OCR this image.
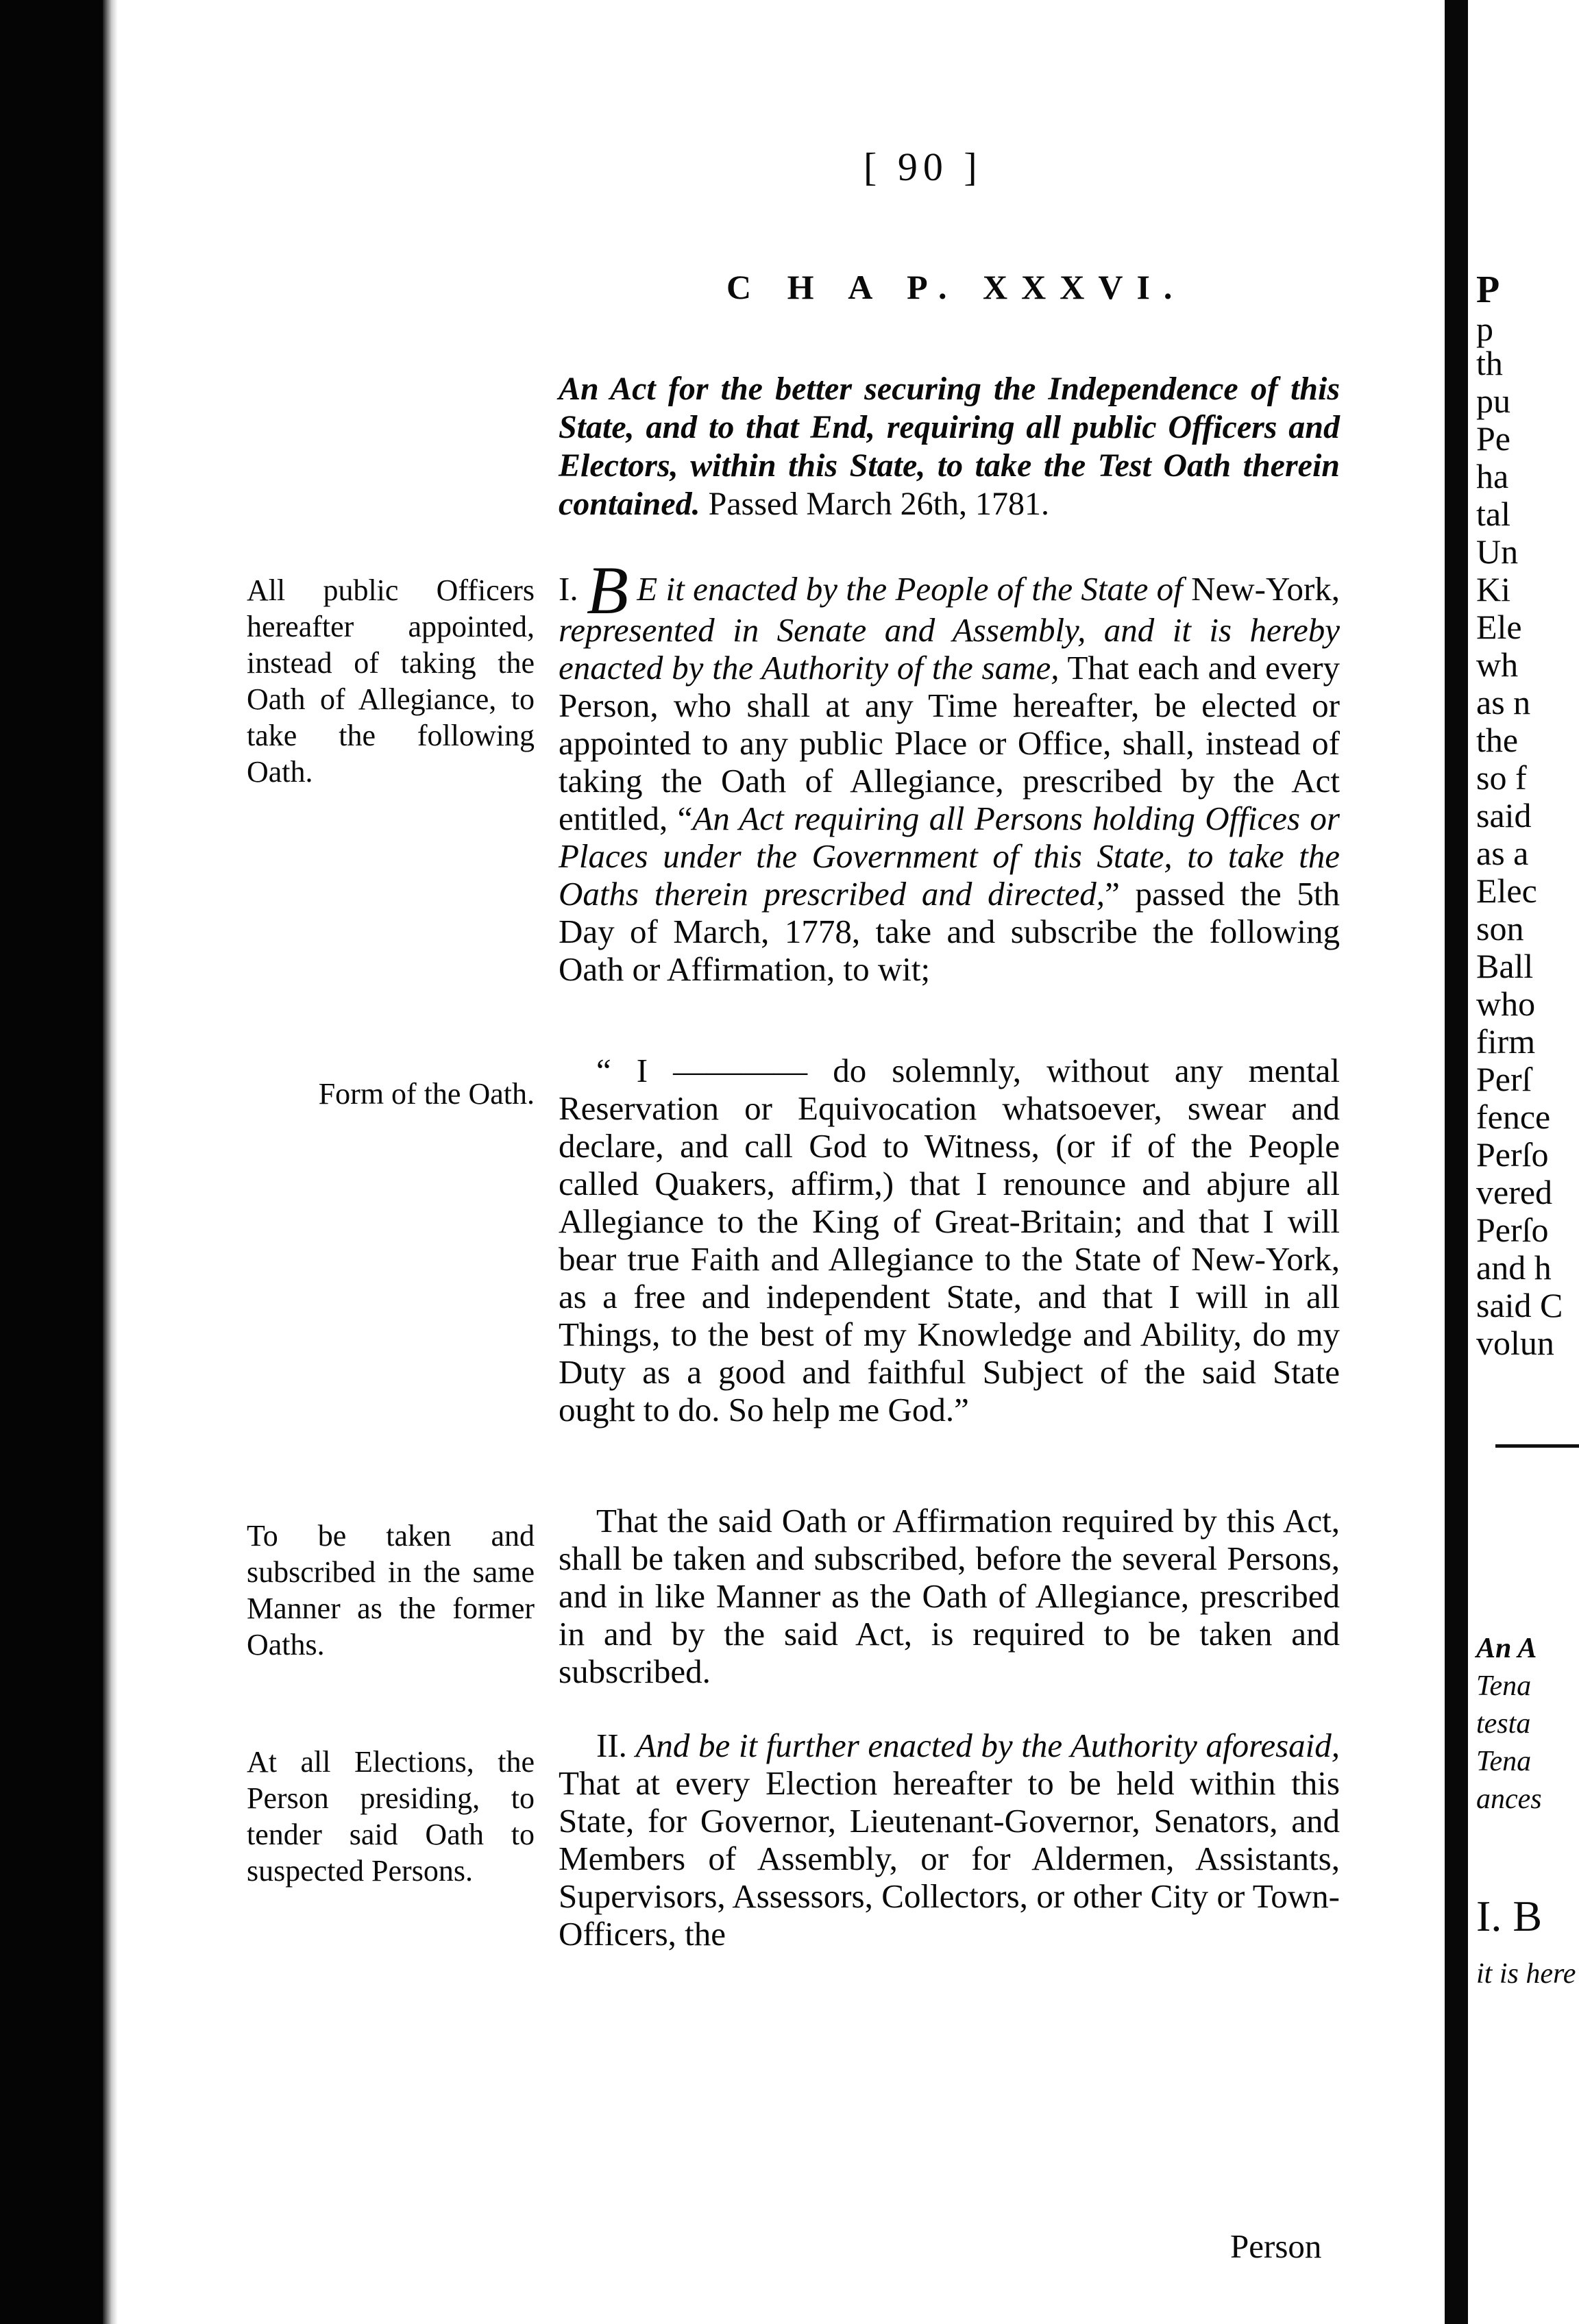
[ 90 ]
C H A P. XXXVI.
An Act for the better securing the Independence of this State, and to that End, requiring all public Officers and Electors, within this State, to take the Test Oath therein contained. Passed March 26th, 1781.
All public Officers hereafter appointed, instead of taking the Oath of Allegiance, to take the following Oath.
Form of the Oath.
To be taken and subscribed in the same Manner as the former Oaths.
At all Elections, the Person presiding, to tender said Oath to suspected Persons.
I. B E it enacted by the People of the State of New-York, represented in Senate and Assembly, and it is hereby enacted by the Authority of the same, That each and every Person, who shall at any Time hereafter, be elected or appointed to any public Place or Office, shall, instead of taking the Oath of Allegiance, prescribed by the Act entitled, “An Act requiring all Persons holding Offices or Places under the Government of this State, to take the Oaths therein prescribed and directed,” passed the 5th Day of March, 1778, take and subscribe the following Oath or Affirmation, to wit;
“ I ———— do solemnly, without any mental Reservation or Equivocation whatsoever, swear and declare, and call God to Witness, (or if of the People called Quakers, affirm,) that I renounce and abjure all Allegiance to the King of Great-Britain; and that I will bear true Faith and Allegiance to the State of New-York, as a free and independent State, and that I will in all Things, to the best of my Knowledge and Ability, do my Duty as a good and faithful Subject of the said State ought to do. So help me God.”
That the said Oath or Affirmation required by this Act, shall be taken and subscribed, before the several Persons, and in like Manner as the Oath of Allegiance, prescribed in and by the said Act, is required to be taken and subscribed.
II. And be it further enacted by the Authority aforesaid, That at every Election hereafter to be held within this State, for Governor, Lieutenant-Governor, Senators, and Members of Assembly, or for Aldermen, Assistants, Supervisors, Assessors, Collectors, or other City or Town-Officers, the
Person
P
p
th
pu
Pe
ha
tal
Un
Ki
Ele
wh
as n
the
so f
said
as a
Elec
son
Ball
who
firm
Perſ
fence
Perſo
vered
Perſo
and h
said C
volun
An A
Tena
testa
Tena
ances
I. B
it is here
